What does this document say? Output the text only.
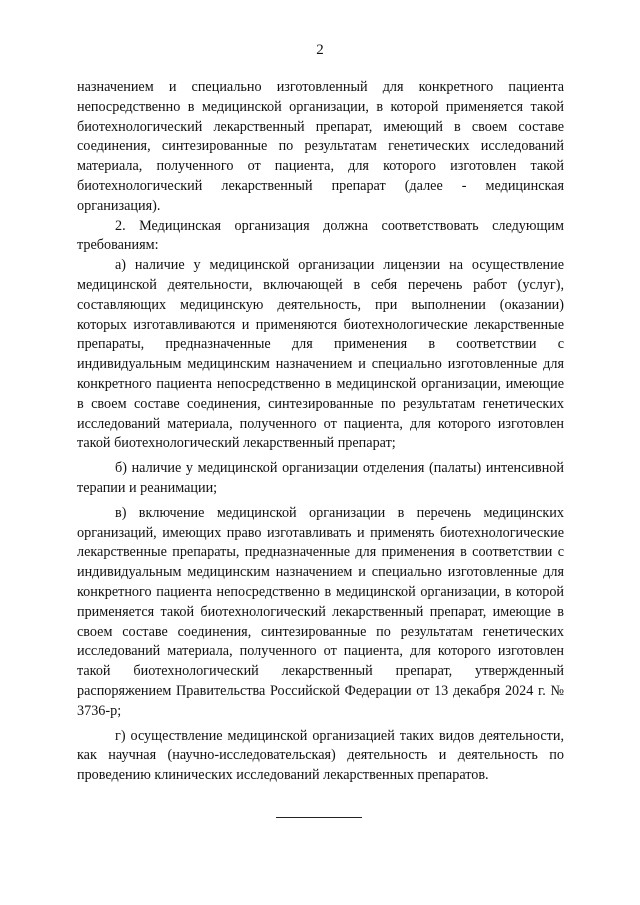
2

назначением и специально изготовленный для конкретного пациента непосредственно в медицинской организации, в которой применяется такой биотехнологический лекарственный препарат, имеющий в своем составе соединения, синтезированные по результатам генетических исследований материала, полученного от пациента, для которого изготовлен такой биотехнологический лекарственный препарат (далее - медицинская организация).

2. Медицинская организация должна соответствовать следующим требованиям:

а) наличие у медицинской организации лицензии на осуществление медицинской деятельности, включающей в себя перечень работ (услуг), составляющих медицинскую деятельность, при выполнении (оказании) которых изготавливаются и применяются биотехнологические лекарственные препараты, предназначенные для применения в соответствии с индивидуальным медицинским назначением и специально изготовленные для конкретного пациента непосредственно в медицинской организации, имеющие в своем составе соединения, синтезированные по результатам генетических исследований материала, полученного от пациента, для которого изготовлен такой биотехнологический лекарственный препарат;

б) наличие у медицинской организации отделения (палаты) интенсивной терапии и реанимации;

в) включение медицинской организации в перечень медицинских организаций, имеющих право изготавливать и применять биотехнологические лекарственные препараты, предназначенные для применения в соответствии с индивидуальным медицинским назначением и специально изготовленные для конкретного пациента непосредственно в медицинской организации, в которой применяется такой биотехнологический лекарственный препарат, имеющие в своем составе соединения, синтезированные по результатам генетических исследований материала, полученного от пациента, для которого изготовлен такой биотехнологический лекарственный препарат, утвержденный распоряжением Правительства Российской Федерации от 13 декабря 2024 г. № 3736-р;

г) осуществление медицинской организацией таких видов деятельности, как научная (научно-исследовательская) деятельность и деятельность по проведению клинических исследований лекарственных препаратов.
